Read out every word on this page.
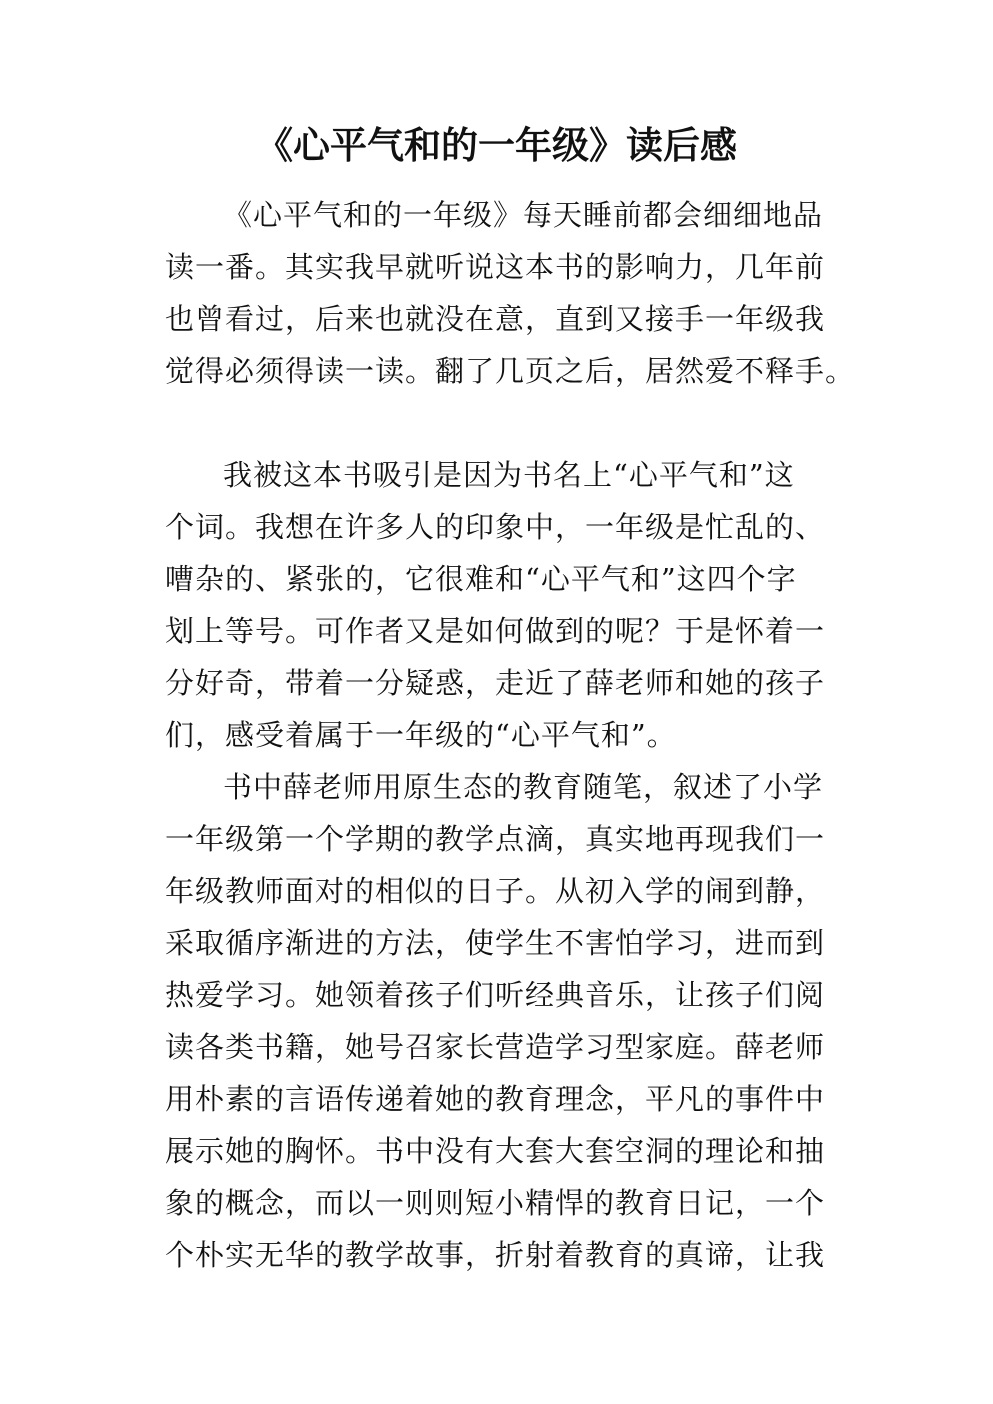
《心平气和的一年级》读后感
《心平气和的一年级》每天睡前都会细细地品
读一番。其实我早就听说这本书的影响力，几年前
也曾看过，后来也就没在意，直到又接手一年级我
觉得必须得读一读。翻了几页之后，居然爱不释手。
我被这本书吸引是因为书名上“心平气和”这
个词。我想在许多人的印象中，一年级是忙乱的、
嘈杂的、紧张的，它很难和“心平气和”这四个字
划上等号。可作者又是如何做到的呢？于是怀着一
分好奇，带着一分疑惑，走近了薛老师和她的孩子
们，感受着属于一年级的“心平气和”。
书中薛老师用原生态的教育随笔，叙述了小学
一年级第一个学期的教学点滴，真实地再现我们一
年级教师面对的相似的日子。从初入学的闹到静，
采取循序渐进的方法，使学生不害怕学习，进而到
热爱学习。她领着孩子们听经典音乐，让孩子们阅
读各类书籍，她号召家长营造学习型家庭。薛老师
用朴素的言语传递着她的教育理念，平凡的事件中
展示她的胸怀。书中没有大套大套空洞的理论和抽
象的概念，而以一则则短小精悍的教育日记，一个
个朴实无华的教学故事，折射着教育的真谛，让我
